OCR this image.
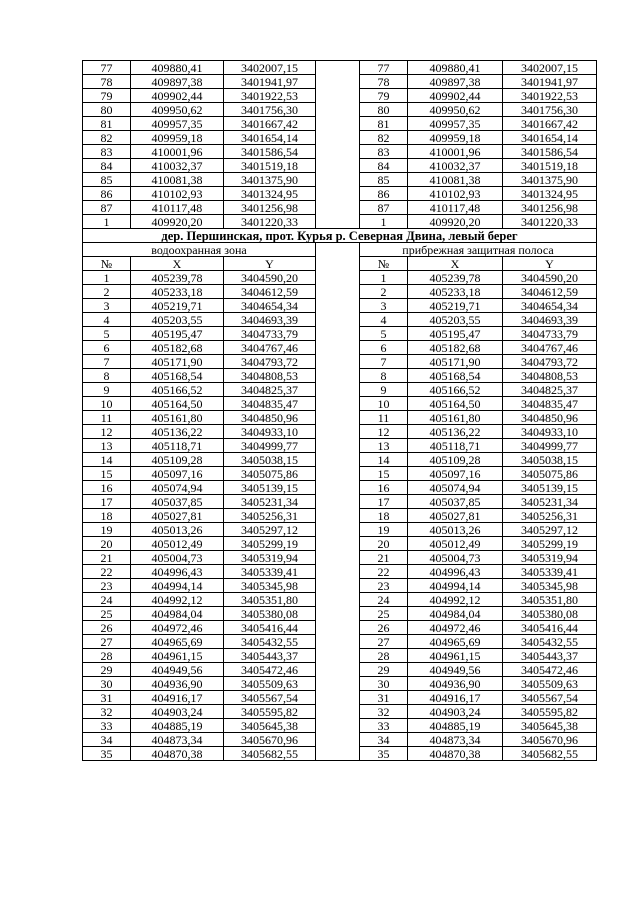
77	409880,41	3402007,15		77	409880,41	3402007,15
78	409897,38	3401941,97		78	409897,38	3401941,97
79	409902,44	3401922,53		79	409902,44	3401922,53
80	409950,62	3401756,30		80	409950,62	3401756,30
81	409957,35	3401667,42		81	409957,35	3401667,42
82	409959,18	3401654,14		82	409959,18	3401654,14
83	410001,96	3401586,54		83	410001,96	3401586,54
84	410032,37	3401519,18		84	410032,37	3401519,18
85	410081,38	3401375,90		85	410081,38	3401375,90
86	410102,93	3401324,95		86	410102,93	3401324,95
87	410117,48	3401256,98		87	410117,48	3401256,98
1	409920,20	3401220,33		1	409920,20	3401220,33
дер. Першинская, прот. Курья р. Северная Двина, левый берег						
водоохранная зона				прибрежная защитная полоса		
№	X	Y		№	X	Y
1	405239,78	3404590,20		1	405239,78	3404590,20
2	405233,18	3404612,59		2	405233,18	3404612,59
3	405219,71	3404654,34		3	405219,71	3404654,34
4	405203,55	3404693,39		4	405203,55	3404693,39
5	405195,47	3404733,79		5	405195,47	3404733,79
6	405182,68	3404767,46		6	405182,68	3404767,46
7	405171,90	3404793,72		7	405171,90	3404793,72
8	405168,54	3404808,53		8	405168,54	3404808,53
9	405166,52	3404825,37		9	405166,52	3404825,37
10	405164,50	3404835,47		10	405164,50	3404835,47
11	405161,80	3404850,96		11	405161,80	3404850,96
12	405136,22	3404933,10		12	405136,22	3404933,10
13	405118,71	3404999,77		13	405118,71	3404999,77
14	405109,28	3405038,15		14	405109,28	3405038,15
15	405097,16	3405075,86		15	405097,16	3405075,86
16	405074,94	3405139,15		16	405074,94	3405139,15
17	405037,85	3405231,34		17	405037,85	3405231,34
18	405027,81	3405256,31		18	405027,81	3405256,31
19	405013,26	3405297,12		19	405013,26	3405297,12
20	405012,49	3405299,19		20	405012,49	3405299,19
21	405004,73	3405319,94		21	405004,73	3405319,94
22	404996,43	3405339,41		22	404996,43	3405339,41
23	404994,14	3405345,98		23	404994,14	3405345,98
24	404992,12	3405351,80		24	404992,12	3405351,80
25	404984,04	3405380,08		25	404984,04	3405380,08
26	404972,46	3405416,44		26	404972,46	3405416,44
27	404965,69	3405432,55		27	404965,69	3405432,55
28	404961,15	3405443,37		28	404961,15	3405443,37
29	404949,56	3405472,46		29	404949,56	3405472,46
30	404936,90	3405509,63		30	404936,90	3405509,63
31	404916,17	3405567,54		31	404916,17	3405567,54
32	404903,24	3405595,82		32	404903,24	3405595,82
33	404885,19	3405645,38		33	404885,19	3405645,38
34	404873,34	3405670,96		34	404873,34	3405670,96
35	404870,38	3405682,55		35	404870,38	3405682,55
